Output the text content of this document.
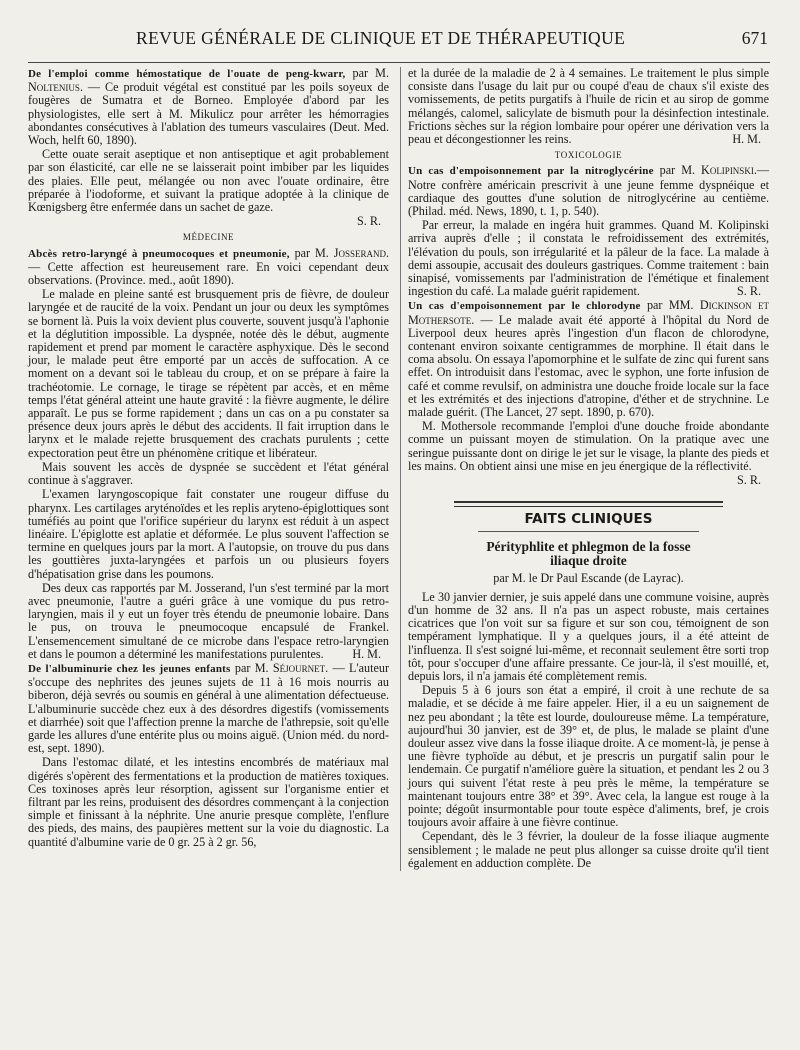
REVUE GÉNÉRALE DE CLINIQUE ET DE THÉRAPEUTIQUE	671

De l'emploi comme hémostatique de l'ouate de peng-kwarr, par M. Noltenius. — Ce produit végétal est constitué par les poils soyeux de fougères de Sumatra et de Borneo. Employée d'abord par les physiologistes, elle sert à M. Mikulicz pour arrêter les hémorragies abondantes consécutives à l'ablation des tumeurs vasculaires (Deut. Med. Woch, helft 60, 1890).

Cette ouate serait aseptique et non antiseptique et agit probablement par son élasticité, car elle ne se laisserait point imbiber par les liquides des plaies. Elle peut, mélangée ou non avec l'ouate ordinaire, être préparée à l'iodoforme, et suivant la pratique adoptée à la clinique de Kœnigsberg être enfermée dans un sachet de gaze.

S. R.

MÉDECINE

Abcès retro-laryngé à pneumocoques et pneumonie, par M. Josserand. — Cette affection est heureusement rare. En voici cependant deux observations. (Province. med., août 1890).

Le malade en pleine santé est brusquement pris de fièvre, de douleur laryngée et de raucité de la voix. Pendant un jour ou deux les symptômes se bornent là. Puis la voix devient plus couverte, souvent jusqu'à l'aphonie et la déglutition impossible. La dyspnée, notée dès le début, augmente rapidement et prend par moment le caractère asphyxique. Dès le second jour, le malade peut être emporté par un accès de suffocation. A ce moment on a devant soi le tableau du croup, et on se prépare à faire la trachéotomie. Le cornage, le tirage se répètent par accès, et en même temps l'état général atteint une haute gravité : la fièvre augmente, le délire apparaît. Le pus se forme rapidement ; dans un cas on a pu constater sa présence deux jours après le début des accidents. Il fait irruption dans le larynx et le malade rejette brusquement des crachats purulents ; cette expectoration peut être un phénomène critique et libérateur.

Mais souvent les accès de dyspnée se succèdent et l'état général continue à s'aggraver.

L'examen laryngoscopique fait constater une rougeur diffuse du pharynx. Les cartilages aryténoïdes et les replis aryteno-épiglottiques sont tuméfiés au point que l'orifice supérieur du larynx est réduit à un aspect linéaire. L'épiglotte est aplatie et déformée. Le plus souvent l'affection se termine en quelques jours par la mort. A l'autopsie, on trouve du pus dans les gouttières juxta-laryngées et parfois un ou plusieurs foyers d'hépatisation grise dans les poumons.

Des deux cas rapportés par M. Josserand, l'un s'est terminé par la mort avec pneumonie, l'autre a guéri grâce à une vomique du pus retro-laryngien, mais il y eut un foyer très étendu de pneumonie lobaire. Dans le pus, on trouva le pneumocoque encapsulé de Frankel. L'ensemencement simultané de ce microbe dans l'espace retro-laryngien et dans le poumon a déterminé les manifestations purulentes.	H. M.

De l'albuminurie chez les jeunes enfants par M. Séjournet. — L'auteur s'occupe des nephrites des jeunes sujets de 11 à 16 mois nourris au biberon, déjà sevrés ou soumis en général à une alimentation défectueuse. L'albuminurie succède chez eux à des désordres digestifs (vomissements et diarrhée) soit que l'affection prenne la marche de l'athrepsie, soit qu'elle garde les allures d'une entérite plus ou moins aiguë. (Union méd. du nord-est, sept. 1890).

Dans l'estomac dilaté, et les intestins encombrés de matériaux mal digérés s'opèrent des fermentations et la production de matières toxiques. Ces toxinoses après leur résorption, agissent sur l'organisme entier et filtrant par les reins, produisent des désordres commençant à la conjection simple et finissant à la néphrite. Une anurie presque complète, l'enflure des pieds, des mains, des paupières mettent sur la voie du diagnostic. La quantité d'albumine varie de 0 gr. 25 à 2 gr. 56,

et la durée de la maladie de 2 à 4 semaines. Le traitement le plus simple consiste dans l'usage du lait pur ou coupé d'eau de chaux s'il existe des vomissements, de petits purgatifs à l'huile de ricin et au sirop de gomme mélangés, calomel, salicylate de bismuth pour la désinfection intestinale. Frictions sèches sur la région lombaire pour opérer une dérivation vers la peau et décongestionner les reins.	H. M.

TOXICOLOGIE

Un cas d'empoisonnement par la nitroglycérine par M. Kolipinski.— Notre confrère américain prescrivit à une jeune femme dyspnéique et cardiaque des gouttes d'une solution de nitroglycérine au centième. (Philad. méd. News, 1890, t. 1, p. 540).

Par erreur, la malade en ingéra huit grammes. Quand M. Kolipinski arriva auprès d'elle ; il constata le refroidissement des extrémités, l'élévation du pouls, son irrégularité et la pâleur de la face. La malade à demi assoupie, accusait des douleurs gastriques. Comme traitement : bain sinapisé, vomissements par l'administration de l'émétique et finalement ingestion du café. La malade guérit rapidement.	S. R.

Un cas d'empoisonnement par le chlorodyne par MM. Dickinson et Mothersote. — Le malade avait été apporté à l'hôpital du Nord de Liverpool deux heures après l'ingestion d'un flacon de chlorodyne, contenant environ soixante centigrammes de morphine. Il était dans le coma absolu. On essaya l'apomorphine et le sulfate de zinc qui furent sans effet. On introduisit dans l'estomac, avec le syphon, une forte infusion de café et comme revulsif, on administra une douche froide locale sur la face et les extrémités et des injections d'atropine, d'éther et de strychnine. Le malade guérit. (The Lancet, 27 sept. 1890, p. 670).

M. Mothersole recommande l'emploi d'une douche froide abondante comme un puissant moyen de stimulation. On la pratique avec une seringue puissante dont on dirige le jet sur le visage, la plante des pieds et les mains. On obtient ainsi une mise en jeu énergique de la réflectivité.

S. R.

FAITS CLINIQUES
Pérityphlite et phlegmon de la fosse
iliaque droite
par M. le Dr Paul Escande (de Layrac).

Le 30 janvier dernier, je suis appelé dans une commune voisine, auprès d'un homme de 32 ans. Il n'a pas un aspect robuste, mais certaines cicatrices que l'on voit sur sa figure et sur son cou, témoignent de son tempérament lymphatique. Il y a quelques jours, il a été atteint de l'influenza. Il s'est soigné lui-même, et reconnait seulement être sorti trop tôt, pour s'occuper d'une affaire pressante. Ce jour-là, il s'est mouillé, et, depuis lors, il n'a jamais été complètement remis.

Depuis 5 à 6 jours son état a empiré, il croit à une rechute de sa maladie, et se décide à me faire appeler. Hier, il a eu un saignement de nez peu abondant ; la tête est lourde, douloureuse même. La température, aujourd'hui 30 janvier, est de 39° et, de plus, le malade se plaint d'une douleur assez vive dans la fosse iliaque droite. A ce moment-là, je pense à une fièvre typhoïde au début, et je prescris un purgatif salin pour le lendemain. Ce purgatif n'améliore guère la situation, et pendant les 2 ou 3 jours qui suivent l'état reste à peu près le même, la température se maintenant toujours entre 38° et 39°. Avec cela, la langue est rouge à la pointe; dégoût insurmontable pour toute espèce d'aliments, bref, je crois toujours avoir affaire à une fièvre continue.

Cependant, dès le 3 février, la douleur de la fosse iliaque augmente sensiblement ; le malade ne peut plus allonger sa cuisse droite qu'il tient également en adduction complète. De
